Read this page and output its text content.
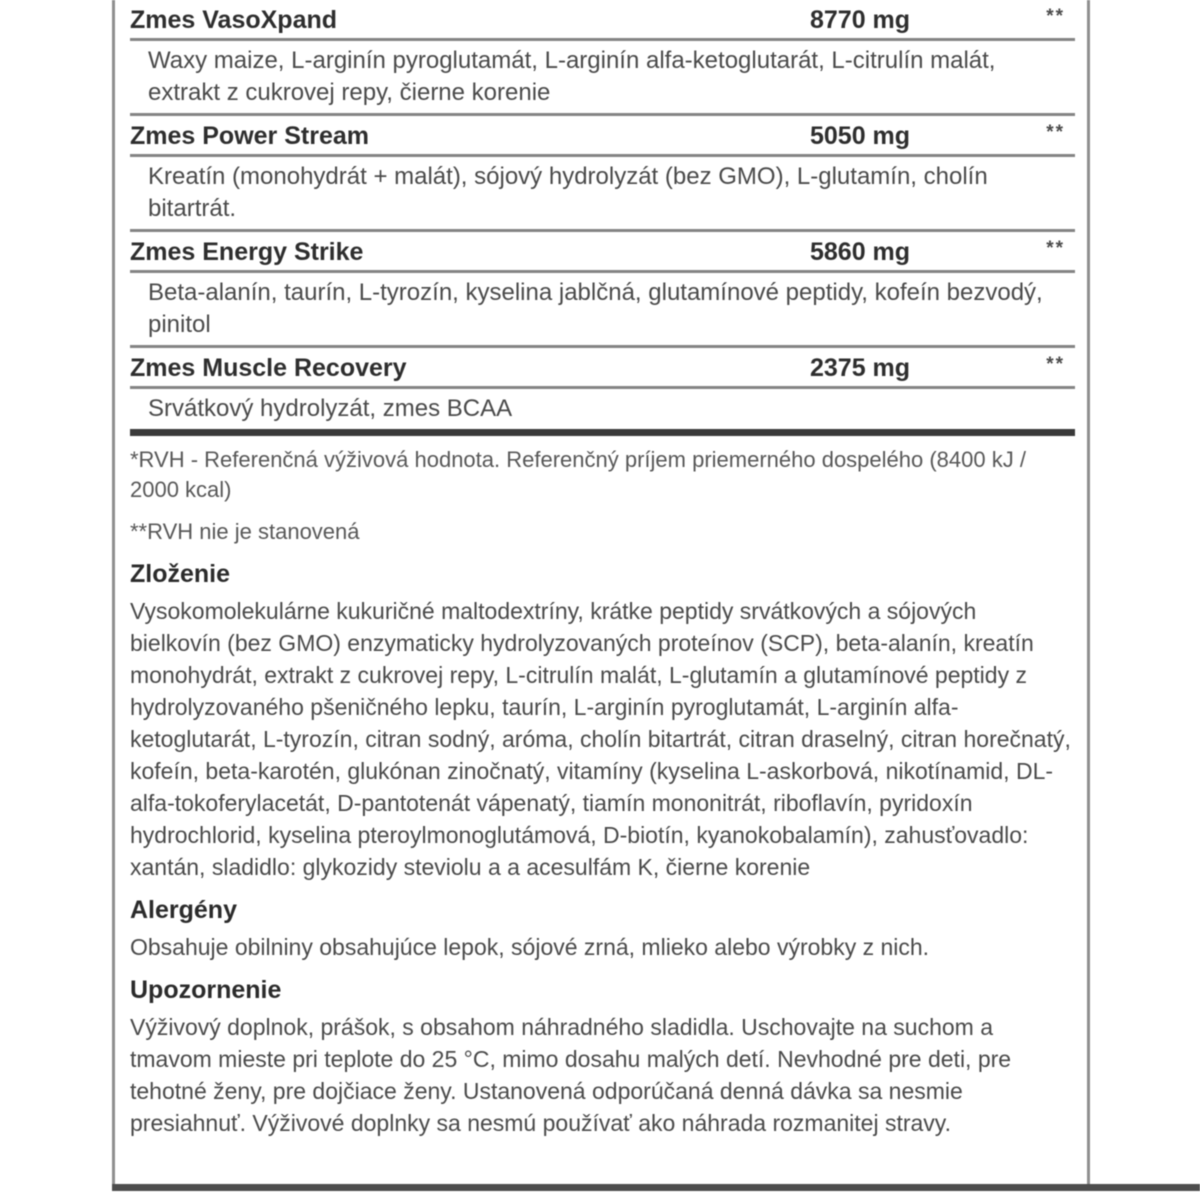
Zmes VasoXpand	8770 mg	**
Waxy maize, L-arginín pyroglutamát, L-arginín alfa-ketoglutarát, L-citrulín malát, extrakt z cukrovej repy, čierne korenie
Zmes Power Stream	5050 mg	**
Kreatín (monohydrát + malát), sójový hydrolyzát (bez GMO), L-glutamín, cholín bitartrát.
Zmes Energy Strike	5860 mg	**
Beta-alanín, taurín, L-tyrozín, kyselina jablčná, glutamínové peptidy, kofeín bezvodý, pinitol
Zmes Muscle Recovery	2375 mg	**
Srvátkový hydrolyzát, zmes BCAA
*RVH - Referenčná výživová hodnota. Referenčný príjem priemerného dospelého (8400 kJ / 2000 kcal)
**RVH nie je stanovená
Zloženie
Vysokomolekulárne kukuričné maltodextríny, krátke peptidy srvátkových a sójových bielkovín (bez GMO) enzymaticky hydrolyzovaných proteínov (SCP), beta-alanín, kreatín monohydrát, extrakt z cukrovej repy, L-citrulín malát, L-glutamín a glutamínové peptidy z hydrolyzovaného pšeničného lepku, taurín, L-arginín pyroglutamát, L-arginín alfa-ketoglutarát, L-tyrozín, citran sodný, aróma, cholín bitartrát, citran draselný, citran horečnatý, kofeín, beta-karotén, glukónan zinočnatý, vitamíny (kyselina L-askorbová, nikotínamid, DL-alfa-tokoferylacetát, D-pantotenát vápenatý, tiamín mononitrát, riboflavín, pyridoxín hydrochlorid, kyselina pteroylmonoglutámová, D-biotín, kyanokobalamín), zahusťovadlo: xantán, sladidlo: glykozidy steviolu a a acesulfám K, čierne korenie
Alergény
Obsahuje obilniny obsahujúce lepok, sójové zrná, mlieko alebo výrobky z nich.
Upozornenie
Výživový doplnok, prášok, s obsahom náhradného sladidla. Uschovajte na suchom a tmavom mieste pri teplote do 25 °C, mimo dosahu malých detí. Nevhodné pre deti, pre tehotné ženy, pre dojčiace ženy. Ustanovená odporúčaná denná dávka sa nesmie presiahnuť. Výživové doplnky sa nesmú používať ako náhrada rozmanitej stravy.
